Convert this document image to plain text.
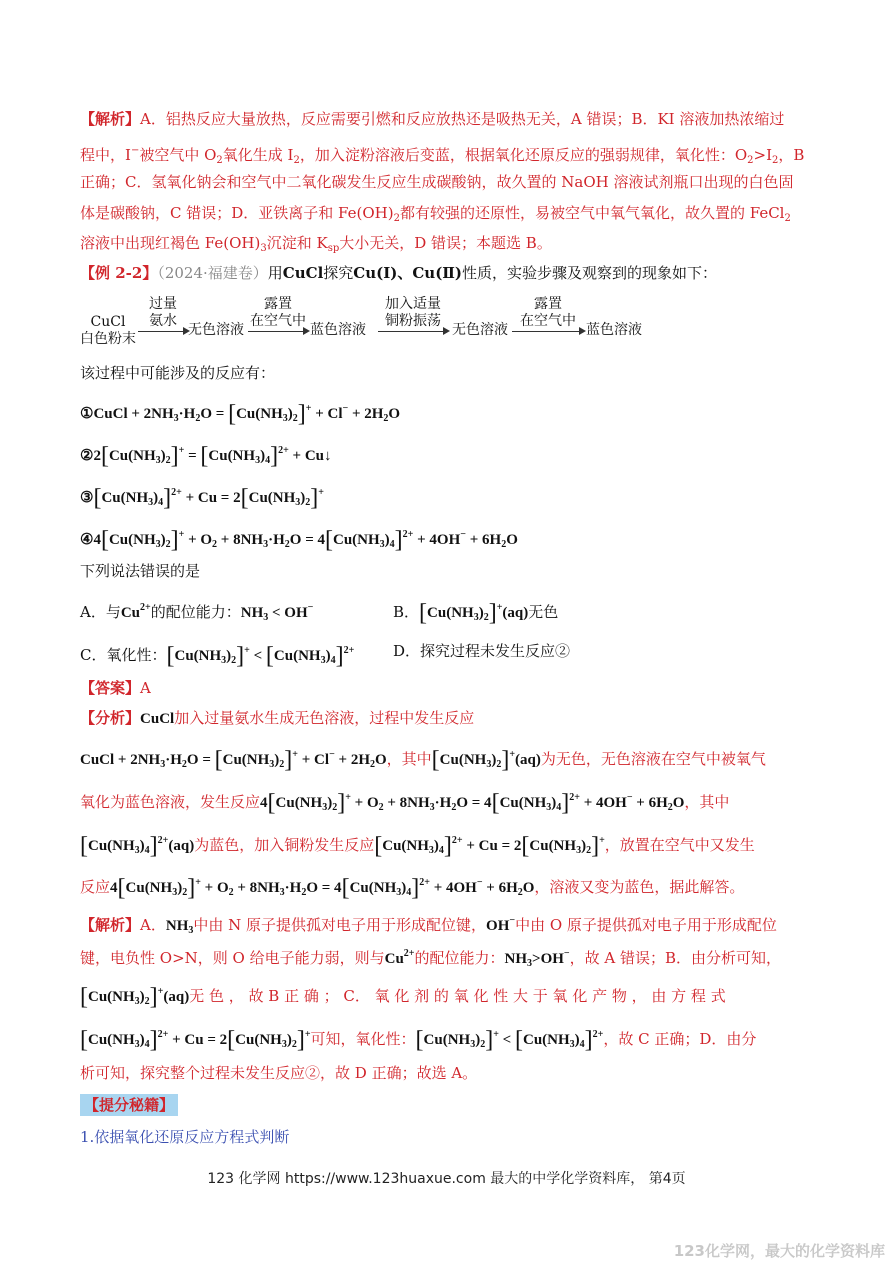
【解析】A．铝热反应大量放热，反应需要引燃和反应放热还是吸热无关，A 错误；B．KI 溶液加热浓缩过
程中，I−被空气中 $O_2$氧化生成 $I_2$，加入淀粉溶液后变蓝，根据氧化还原反应的强弱规律，氧化性：$O_2>I_2$，B
正确；C．氢氧化钠会和空气中二氧化碳发生反应生成碳酸钠，故久置的 NaOH 溶液试剂瓶口出现的白色固
体是碳酸钠，C 错误；D．亚铁离子和 $Fe(OH)_2$都有较强的还原性，易被空气中氧气氧化，故久置的 FeCl$_2$
溶液中出现红褐色 $Fe(OH)_3$沉淀和 $K_{sp}$大小无关，D 错误；本题选 B。
【例 2-2】（2024·福建卷）用CuCl探究Cu(Ⅰ)、Cu(Ⅱ)性质，实验步骤及观察到的现象如下：
CuCl
白色粉末
过量
氨水
无色溶液
露置
在空气中
蓝色溶液
加入适量
铜粉振荡
无色溶液
露置
在空气中
蓝色溶液
该过程中可能涉及的反应有：
①CuCl + $2NH_3\cdot H_2O = [Cu(NH_3)_2]^+ + Cl^- + 2H_2O$
$②2[Cu(NH_3)_2]^+ = [Cu(NH_3)_4]^{2+}$ + Cu↓
$③[Cu(NH_3)_4]^{2+} + Cu = 2[Cu(NH_3)_2]^+$
$④4[Cu(NH_3)_2]^+ + O_2 + 8NH_3\cdot H_2O = 4[Cu(NH_3)_4]^{2+} + 4OH^- + 6H_2O$
下列说法错误的是
A．与$Cu^{2+}$的配位能力：$NH_3 < OH^-$	B．$[Cu(NH_3)_2]^+(aq)$无色
C．氧化性：$[Cu(NH_3)_2]^+ < [Cu(NH_3)_4]^{2+}$	D．探究过程未发生反应②
【答案】A
【分析】CuCl加入过量氨水生成无色溶液，过程中发生反应
CuCl + $2NH_3\cdot H_2O = [Cu(NH_3)_2]^+ + Cl^- + 2H_2O$，其中$[Cu(NH_3)_2]^+(aq)$为无色，无色溶液在空气中被氧气
氧化为蓝色溶液，发生反应$4[Cu(NH_3)_2]^+ + O_2 + 8NH_3\cdot H_2O = 4[Cu(NH_3)_4]^{2+} + 4OH^- + 6H_2O$，其中
$[Cu(NH_3)_4]^{2+}(aq)$为蓝色，加入铜粉发生反应$[Cu(NH_3)_4]^{2+} + Cu = 2[Cu(NH_3)_2]^+$，放置在空气中又发生
反应$4[Cu(NH_3)_2]^+ + O_2 + 8NH_3\cdot H_2O = 4[Cu(NH_3)_4]^{2+} + 4OH^- + 6H_2O$，溶液又变为蓝色，据此解答。
【解析】A．$NH_3$中由 N 原子提供孤对电子用于形成配位键，OH−中由 O 原子提供孤对电子用于形成配位
键，电负性 O>N，则 O 给电子能力弱，则与$Cu^{2+}$的配位能力：$NH_3>OH^-$，故 A 错误；B．由分析可知，
$[Cu(NH_3)_2]^+(aq)$无 色 ， 故 B 正 确 ； C． 氧 化 剂 的 氧 化 性 大 于 氧 化 产 物 ， 由 方 程 式
$[Cu(NH_3)_4]^{2+} + Cu = 2[Cu(NH_3)_2]^+$可知，氧化性：$[Cu(NH_3)_2]^+ < [Cu(NH_3)_4]^{2+}$，故 C 正确；D．由分
析可知，探究整个过程未发生反应②，故 D 正确；故选 A。
【提分秘籍】
1.依据氧化还原反应方程式判断
123 化学网 https://www.123huaxue.com 最大的中学化学资料库， 第4页
123化学网，最大的化学资料库
